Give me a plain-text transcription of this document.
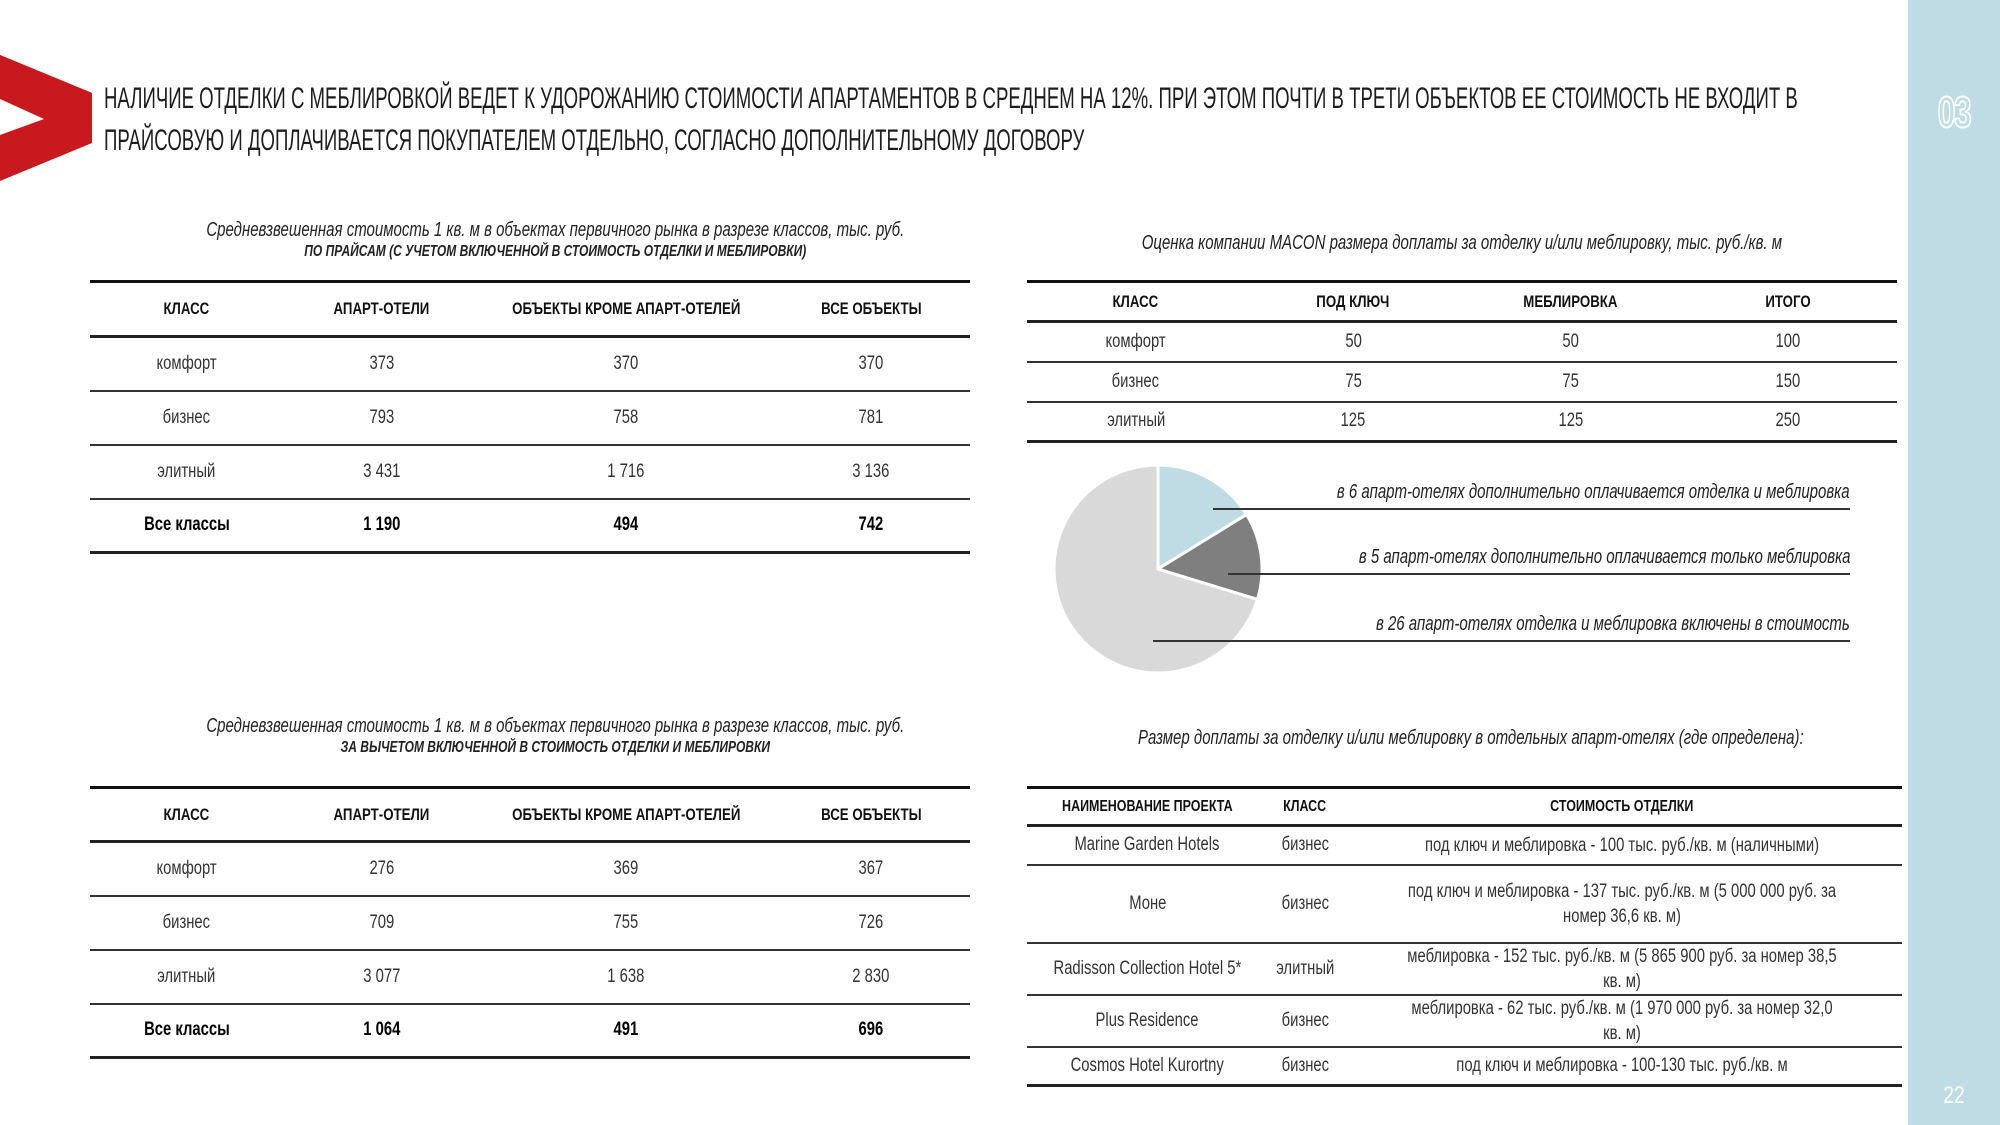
НАЛИЧИЕ ОТДЕЛКИ С МЕБЛИРОВКОЙ ВЕДЕТ К УДОРОЖАНИЮ СТОИМОСТИ АПАРТАМЕНТОВ В СРЕДНЕМ НА 12%. ПРИ ЭТОМ ПОЧТИ В ТРЕТИ ОБЪЕКТОВ ЕЕ СТОИМОСТЬ НЕ ВХОДИТ В ПРАЙСОВУЮ И ДОПЛАЧИВАЕТСЯ ПОКУПАТЕЛЕМ ОТДЕЛЬНО, СОГЛАСНО ДОПОЛНИТЕЛЬНОМУ ДОГОВОРУ
03
22
Средневзвешенная стоимость 1 кв. м в объектах первичного рынка в разрезе классов, тыс. руб.
ПО ПРАЙСАМ (С УЧЕТОМ ВКЛЮЧЕННОЙ В СТОИМОСТЬ ОТДЕЛКИ И МЕБЛИРОВКИ)
КЛАСС	АПАРТ-ОТЕЛИ	ОБЪЕКТЫ КРОМЕ АПАРТ-ОТЕЛЕЙ	ВСЕ ОБЪЕКТЫ
комфорт	373	370	370
бизнес	793	758	781
элитный	3 431	1 716	3 136
Все классы	1 190	494	742
Средневзвешенная стоимость 1 кв. м в объектах первичного рынка в разрезе классов, тыс. руб.
ЗА ВЫЧЕТОМ ВКЛЮЧЕННОЙ В СТОИМОСТЬ ОТДЕЛКИ И МЕБЛИРОВКИ
КЛАСС	АПАРТ-ОТЕЛИ	ОБЪЕКТЫ КРОМЕ АПАРТ-ОТЕЛЕЙ	ВСЕ ОБЪЕКТЫ
комфорт	276	369	367
бизнес	709	755	726
элитный	3 077	1 638	2 830
Все классы	1 064	491	696
Оценка компании MACON размера доплаты за отделку и/или меблировку, тыс. руб./кв. м
КЛАСС	ПОД КЛЮЧ	МЕБЛИРОВКА	ИТОГО
комфорт	50	50	100
бизнес	75	75	150
элитный	125	125	250
в 6 апарт-отелях дополнительно оплачивается отделка и меблировка
в 5 апарт-отелях дополнительно оплачивается только меблировка
в 26 апарт-отелях отделка и меблировка включены в стоимость
Размер доплаты за отделку и/или меблировку в отдельных апарт-отелях (где определена):
НАИМЕНОВАНИЕ ПРОЕКТА	КЛАСС	СТОИМОСТЬ ОТДЕЛКИ
Marine Garden Hotels	бизнес	под ключ и меблировка - 100 тыс. руб./кв. м (наличными)
Моне	бизнес	под ключ и меблировка - 137 тыс. руб./кв. м (5 000 000 руб. за номер 36,6 кв. м)
Radisson Collection Hotel 5*	элитный	меблировка - 152 тыс. руб./кв. м (5 865 900 руб. за номер 38,5 кв. м)
Plus Residence	бизнес	меблировка - 62 тыс. руб./кв. м (1 970 000 руб. за номер 32,0 кв. м)
Cosmos Hotel Kurortny	бизнес	под ключ и меблировка - 100-130 тыс. руб./кв. м
